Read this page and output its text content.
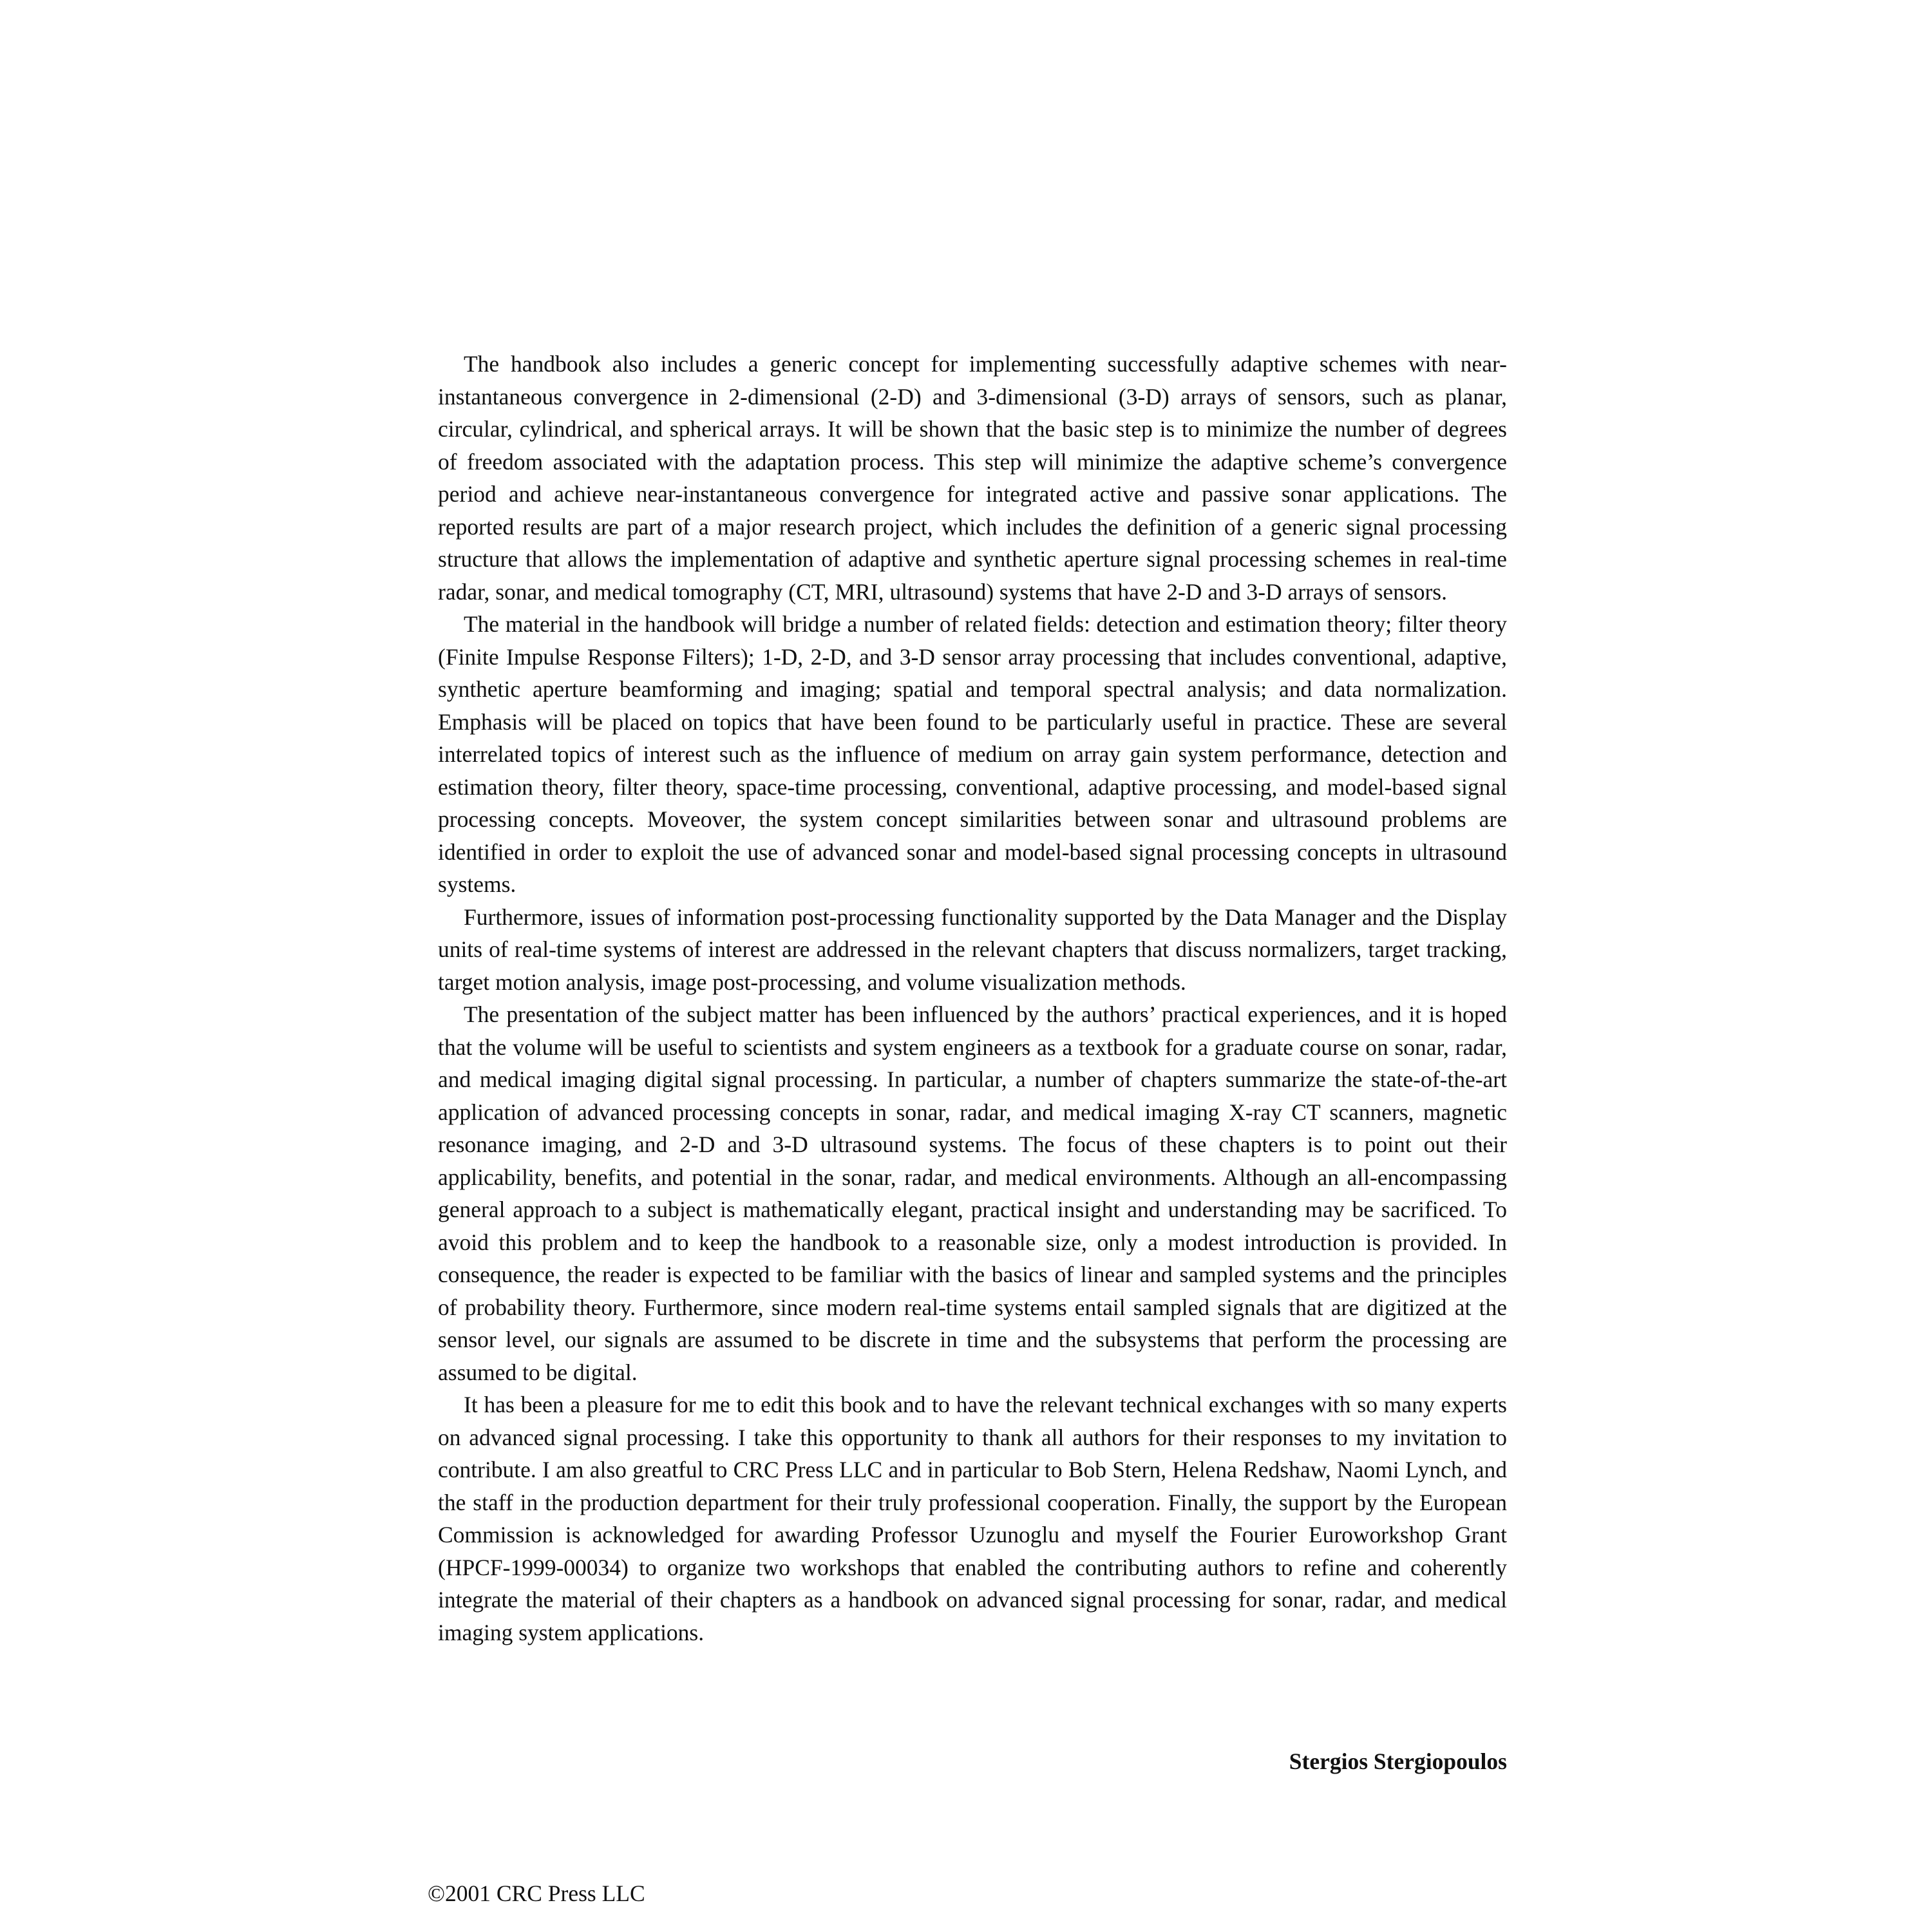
The handbook also includes a generic concept for implementing successfully adaptive schemes with near-instantaneous convergence in 2-dimensional (2-D) and 3-dimensional (3-D) arrays of sensors, such as planar, circular, cylindrical, and spherical arrays. It will be shown that the basic step is to minimize the number of degrees of freedom associated with the adaptation process. This step will minimize the adaptive scheme’s convergence period and achieve near-instantaneous convergence for integrated active and passive sonar applications. The reported results are part of a major research project, which includes the definition of a generic signal processing structure that allows the implementation of adaptive and synthetic aperture signal processing schemes in real-time radar, sonar, and medical tomography (CT, MRI, ultrasound) systems that have 2-D and 3-D arrays of sensors.

The material in the handbook will bridge a number of related fields: detection and estimation theory; filter theory (Finite Impulse Response Filters); 1-D, 2-D, and 3-D sensor array processing that includes conventional, adaptive, synthetic aperture beamforming and imaging; spatial and temporal spectral analysis; and data normalization. Emphasis will be placed on topics that have been found to be particularly useful in practice. These are several interrelated topics of interest such as the influence of medium on array gain system performance, detection and estimation theory, filter theory, space-time processing, conventional, adaptive processing, and model-based signal processing concepts. Moveover, the system concept similarities between sonar and ultrasound problems are identified in order to exploit the use of advanced sonar and model-based signal processing concepts in ultrasound systems.

Furthermore, issues of information post-processing functionality supported by the Data Manager and the Display units of real-time systems of interest are addressed in the relevant chapters that discuss normalizers, target tracking, target motion analysis, image post-processing, and volume visualization methods.

The presentation of the subject matter has been influenced by the authors’ practical experiences, and it is hoped that the volume will be useful to scientists and system engineers as a textbook for a graduate course on sonar, radar, and medical imaging digital signal processing. In particular, a number of chapters summarize the state-of-the-art application of advanced processing concepts in sonar, radar, and medical imaging X-ray CT scanners, magnetic resonance imaging, and 2-D and 3-D ultrasound systems. The focus of these chapters is to point out their applicability, benefits, and potential in the sonar, radar, and medical environments. Although an all-encompassing general approach to a subject is mathematically elegant, practical insight and understanding may be sacrificed. To avoid this problem and to keep the handbook to a reasonable size, only a modest introduction is provided. In consequence, the reader is expected to be familiar with the basics of linear and sampled systems and the principles of probability theory. Furthermore, since modern real-time systems entail sampled signals that are digitized at the sensor level, our signals are assumed to be discrete in time and the subsystems that perform the processing are assumed to be digital.

It has been a pleasure for me to edit this book and to have the relevant technical exchanges with so many experts on advanced signal processing. I take this opportunity to thank all authors for their responses to my invitation to contribute. I am also greatful to CRC Press LLC and in particular to Bob Stern, Helena Redshaw, Naomi Lynch, and the staff in the production department for their truly professional cooperation. Finally, the support by the European Commission is acknowledged for awarding Professor Uzunoglu and myself the Fourier Euroworkshop Grant (HPCF-1999-00034) to organize two workshops that enabled the contributing authors to refine and coherently integrate the material of their chapters as a handbook on advanced signal processing for sonar, radar, and medical imaging system applications.

Stergios Stergiopoulos
©2001 CRC Press LLC
